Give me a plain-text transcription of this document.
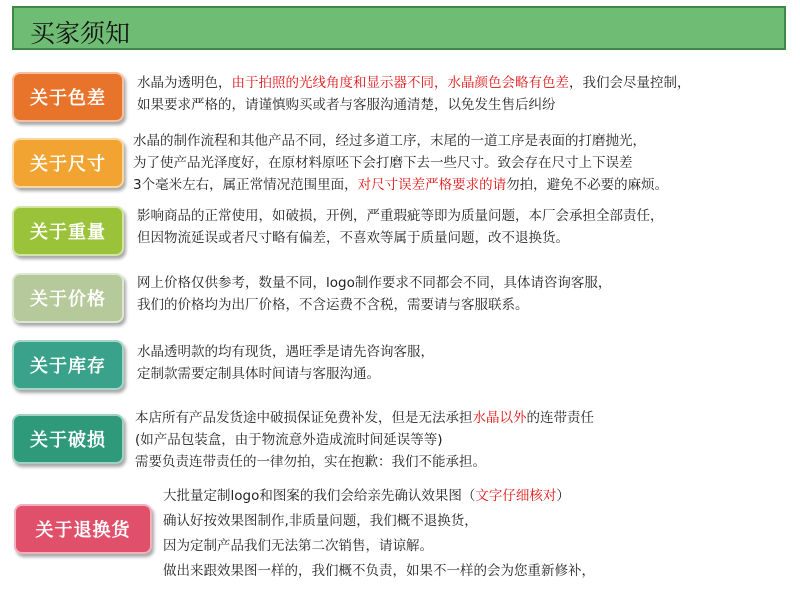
买家须知
关于色差

水晶为透明色，由于拍照的光线角度和显示器不同，水晶颜色会略有色差，我们会尽量控制，

如果要求严格的，请谨慎购买或者与客服沟通清楚，以免发生售后纠纷

关于尺寸

水晶的制作流程和其他产品不同，经过多道工序，末尾的一道工序是表面的打磨抛光，

为了使产品光泽度好，在原材料原呸下会打磨下去一些尺寸。致会存在尺寸上下误差

3个毫米左右，属正常情况范围里面，对尺寸误差严格要求的请勿拍，避免不必要的麻烦。

关于重量

影响商品的正常使用，如破损，开例，严重瑕疵等即为质量问题，本厂会承担全部责任，

但因物流延误或者尺寸略有偏差，不喜欢等属于质量问题，改不退换货。

关于价格

网上价格仅供参考，数量不同，logo制作要求不同都会不同，具体请咨询客服，

我们的价格均为出厂价格，不含运费不含税，需要请与客服联系。

关于库存

水晶透明款的均有现货，遇旺季是请先咨询客服，

定制款需要定制具体时间请与客服沟通。

关于破损

本店所有产品发货途中破损保证免费补发，但是无法承担水晶以外的连带责任

(如产品包装盒，由于物流意外造成流时间延误等等)

需要负责连带责任的一律勿拍，实在抱歉：我们不能承担。

关于退换货

大批量定制logo和图案的我们会给亲先确认效果图（文字仔细核对）

确认好按效果图制作,非质量问题，我们概不退换货，

因为定制产品我们无法第二次销售，请谅解。

做出来跟效果图一样的，我们概不负责，如果不一样的会为您重新修补，
